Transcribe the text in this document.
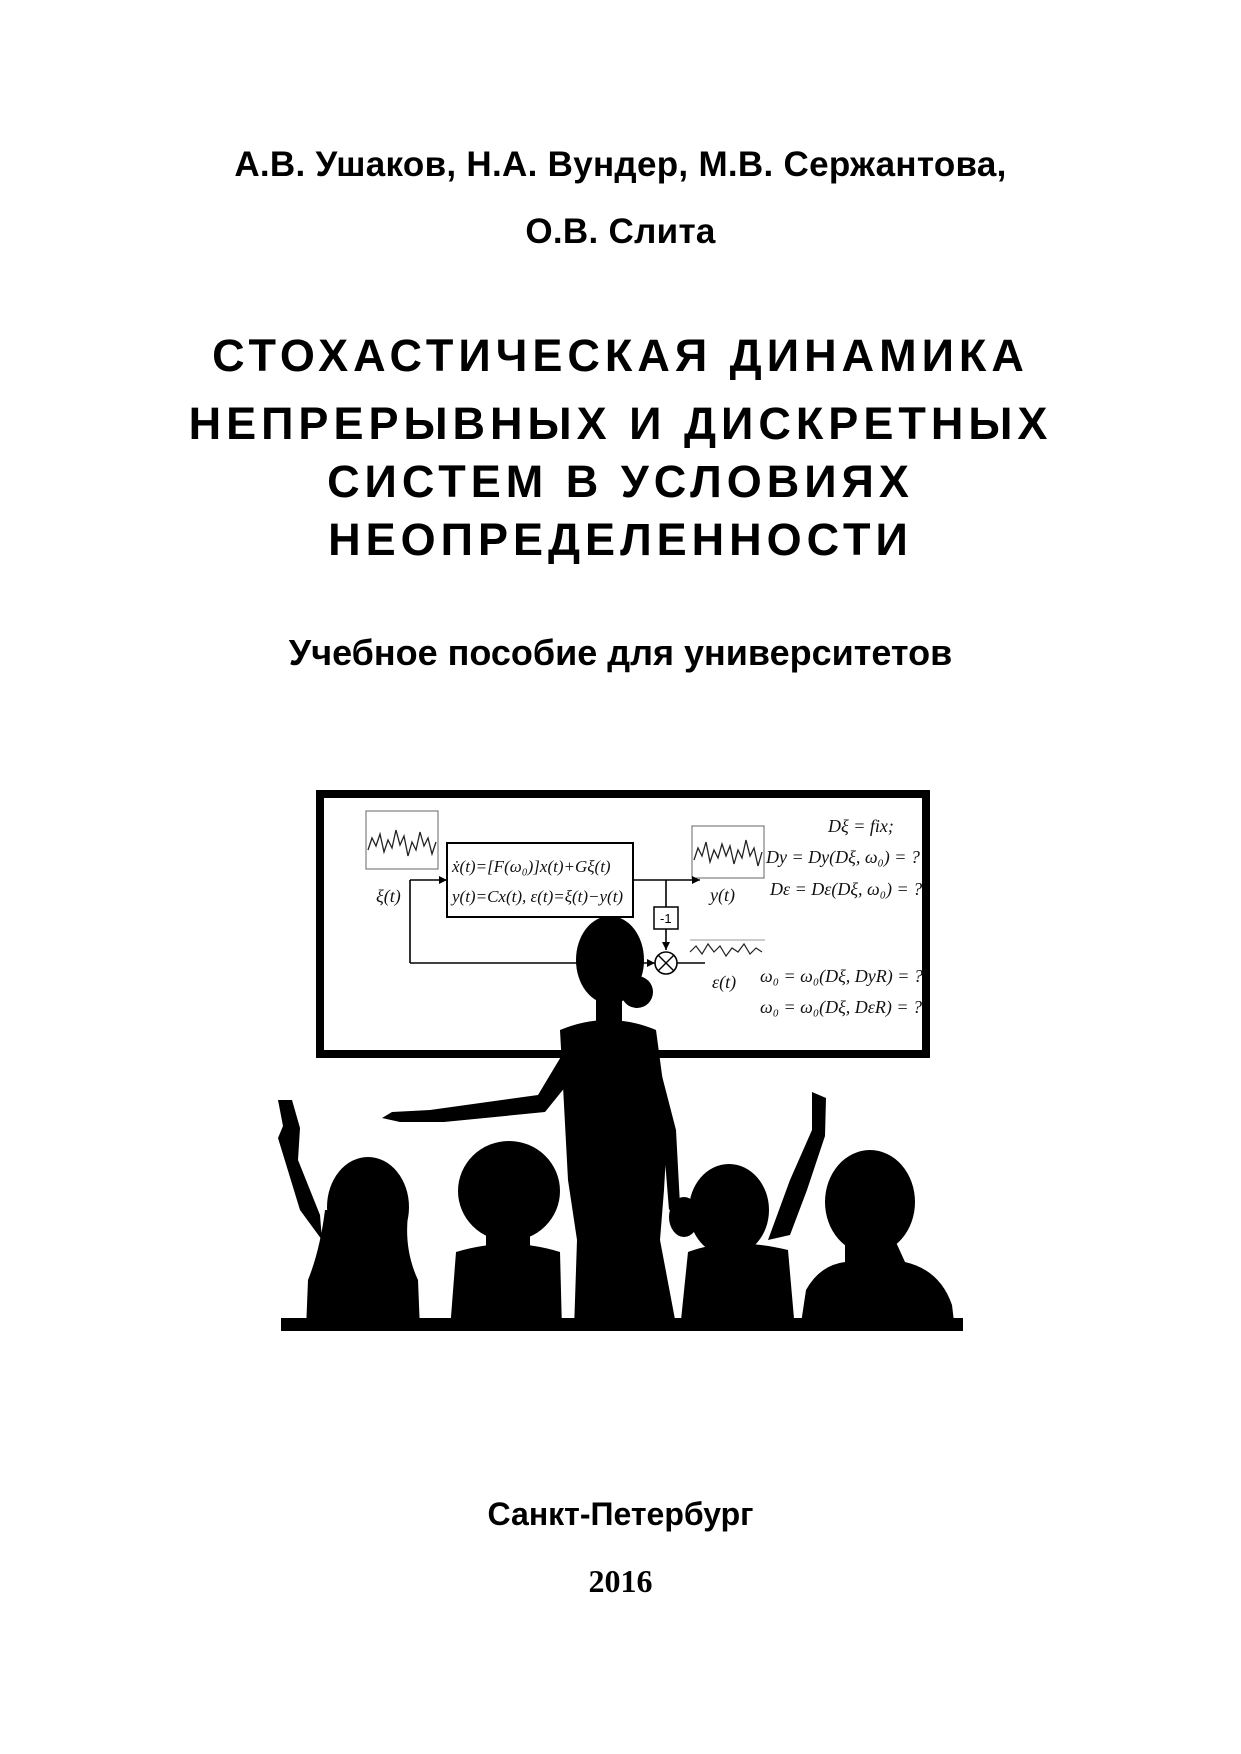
А.В. Ушаков, Н.А. Вундер, М.В. Сержантова,
О.В. Слита
СТОХАСТИЧЕСКАЯ ДИНАМИКА
НЕПРЕРЫВНЫХ И ДИСКРЕТНЫХ
СИСТЕМ В УСЛОВИЯХ
НЕОПРЕДЕЛЕННОСТИ
Учебное пособие для университетов
ẋ(t)=[F(ω₀)]x(t)+Gξ(t)
y(t)=Cx(t), ε(t)=ξ(t)−y(t)
ξ(t)	y(t)
ε(t)
-1
Dξ = fix;
Dy = Dy(Dξ, ω₀) = ?
Dε = Dε(Dξ, ω₀) = ?
ω₀ = ω₀(Dξ, DyR) = ?
ω₀ = ω₀(Dξ, DεR) = ?
Санкт-Петербург
2016
